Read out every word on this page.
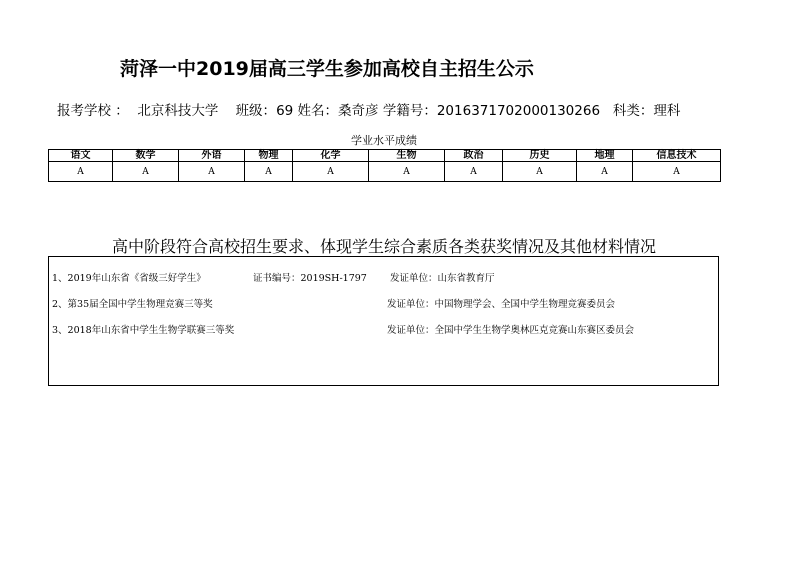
菏泽一中2019届高三学生参加高校自主招生公示
报考学校 ： 北京科技大学 班级：69 姓名：桑奇彦 学籍号：2016371702000130266 科类：理科
学业水平成绩
语文	数学	外语	物理	化学	生物	政治	历史	地理	信息技术
A	A	A	A	A	A	A	A	A	A
高中阶段符合高校招生要求、体现学生综合素质各类获奖情况及其他材料情况
1、2019年山东省《省级三好学生》	证书编号：2019SH-1797 发证单位：山东省教育厅
2、第35届全国中学生物理竞赛三等奖	发证单位：中国物理学会、全国中学生物理竞赛委员会
3、2018年山东省中学生生物学联赛三等奖	发证单位：全国中学生生物学奥林匹克竞赛山东赛区委员会
